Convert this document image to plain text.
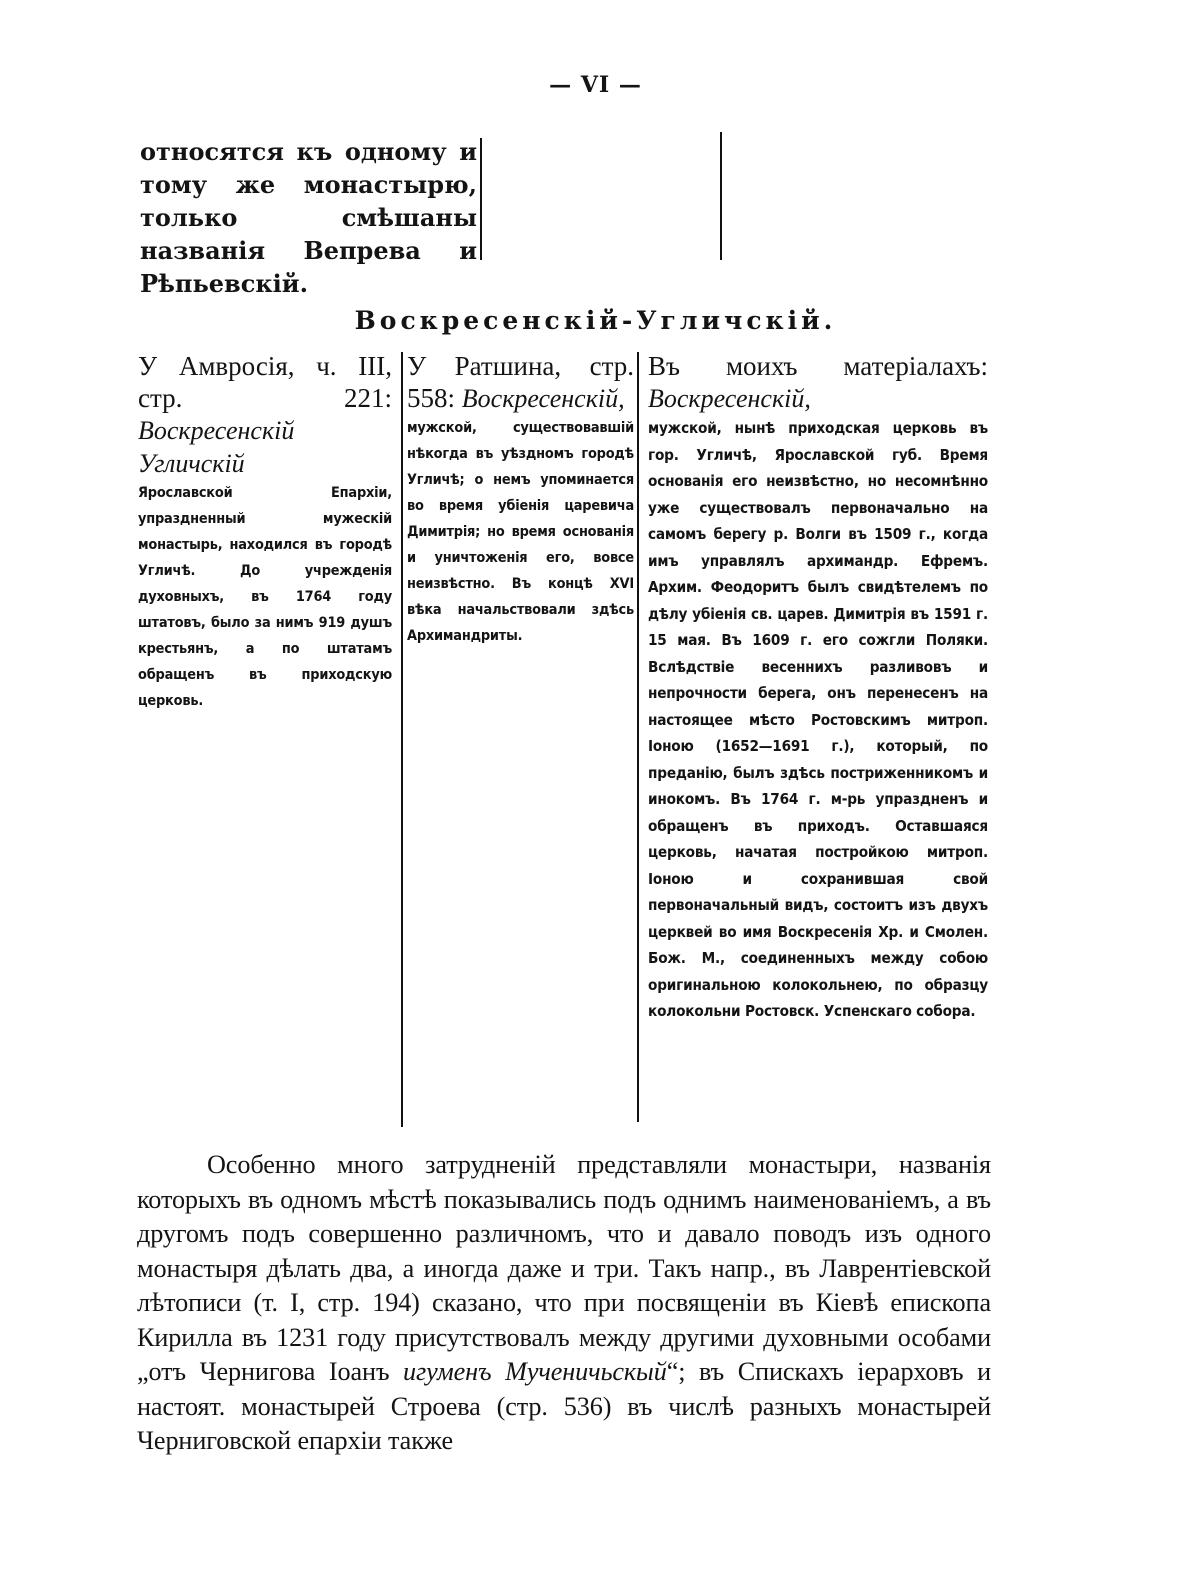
— VI —
относятся къ одному и тому же монастырю, только смѣшаны названія Вепрева и Рѣпьевскій.
Воскресенскій-Угличскій.
У Амвросія, ч. III, стр. 221: Воскресенскій Угличскій
Ярославской Епархіи, упраздненный мужескій монастырь, находился въ городѣ Угличѣ. До учрежденія духовныхъ, въ 1764 году штатовъ, было за нимъ 919 душъ крестьянъ, а по штатамъ обращенъ въ приходскую церковь.
У Ратшина, стр. 558: Воскресенскій,
мужской, существовавшій нѣкогда въ уѣздномъ городѣ Угличѣ; о немъ упоминается во время убіенія царевича Димитрія; но время основанія и уничтоженія его, вовсе неизвѣстно. Въ концѣ XVI вѣка начальствовали здѣсь Архимандриты.
Въ моихъ матеріалахъ: Воскресенскій,
мужской, нынѣ приходская церковь въ гор. Угличѣ, Ярославской губ. Время основанія его неизвѣстно, но несомнѣнно уже существовалъ первоначально на самомъ берегу р. Волги въ 1509 г., когда имъ управлялъ архимандр. Ефремъ. Архим. Феодоритъ былъ свидѣтелемъ по дѣлу убіенія св. царев. Димитрія въ 1591 г. 15 мая. Въ 1609 г. его сожгли Поляки. Вслѣдствіе весеннихъ разливовъ и непрочности берега, онъ перенесенъ на настоящее мѣсто Ростовскимъ митроп. Іоною (1652—1691 г.), который, по преданію, былъ здѣсь постриженникомъ и инокомъ. Въ 1764 г. м-рь упраздненъ и обращенъ въ приходъ. Оставшаяся церковь, начатая постройкою митроп. Іоною и сохранившая свой первоначальный видъ, состоитъ изъ двухъ церквей во имя Воскресенія Хр. и Смолен. Бож. М., соединенныхъ между собою оригинальною колокольнею, по образцу колокольни Ростовск. Успенскаго собора.

Особенно много затрудненій представляли монастыри, названія которыхъ въ одномъ мѣстѣ показывались подъ однимъ наименованіемъ, а въ другомъ подъ совершенно различномъ, что и давало поводъ изъ одного монастыря дѣлать два, а иногда даже и три. Такъ напр., въ Лаврентіевской лѣтописи (т. I, стр. 194) сказано, что при посвященіи въ Кіевѣ епископа Кирилла въ 1231 году присутствовалъ между другими духовными особами „отъ Чернигова Іоанъ игуменъ Мученичьскый“; въ Спискахъ іерарховъ и настоят. монастырей Строева (стр. 536) въ числѣ разныхъ монастырей Черниговской епархіи также
